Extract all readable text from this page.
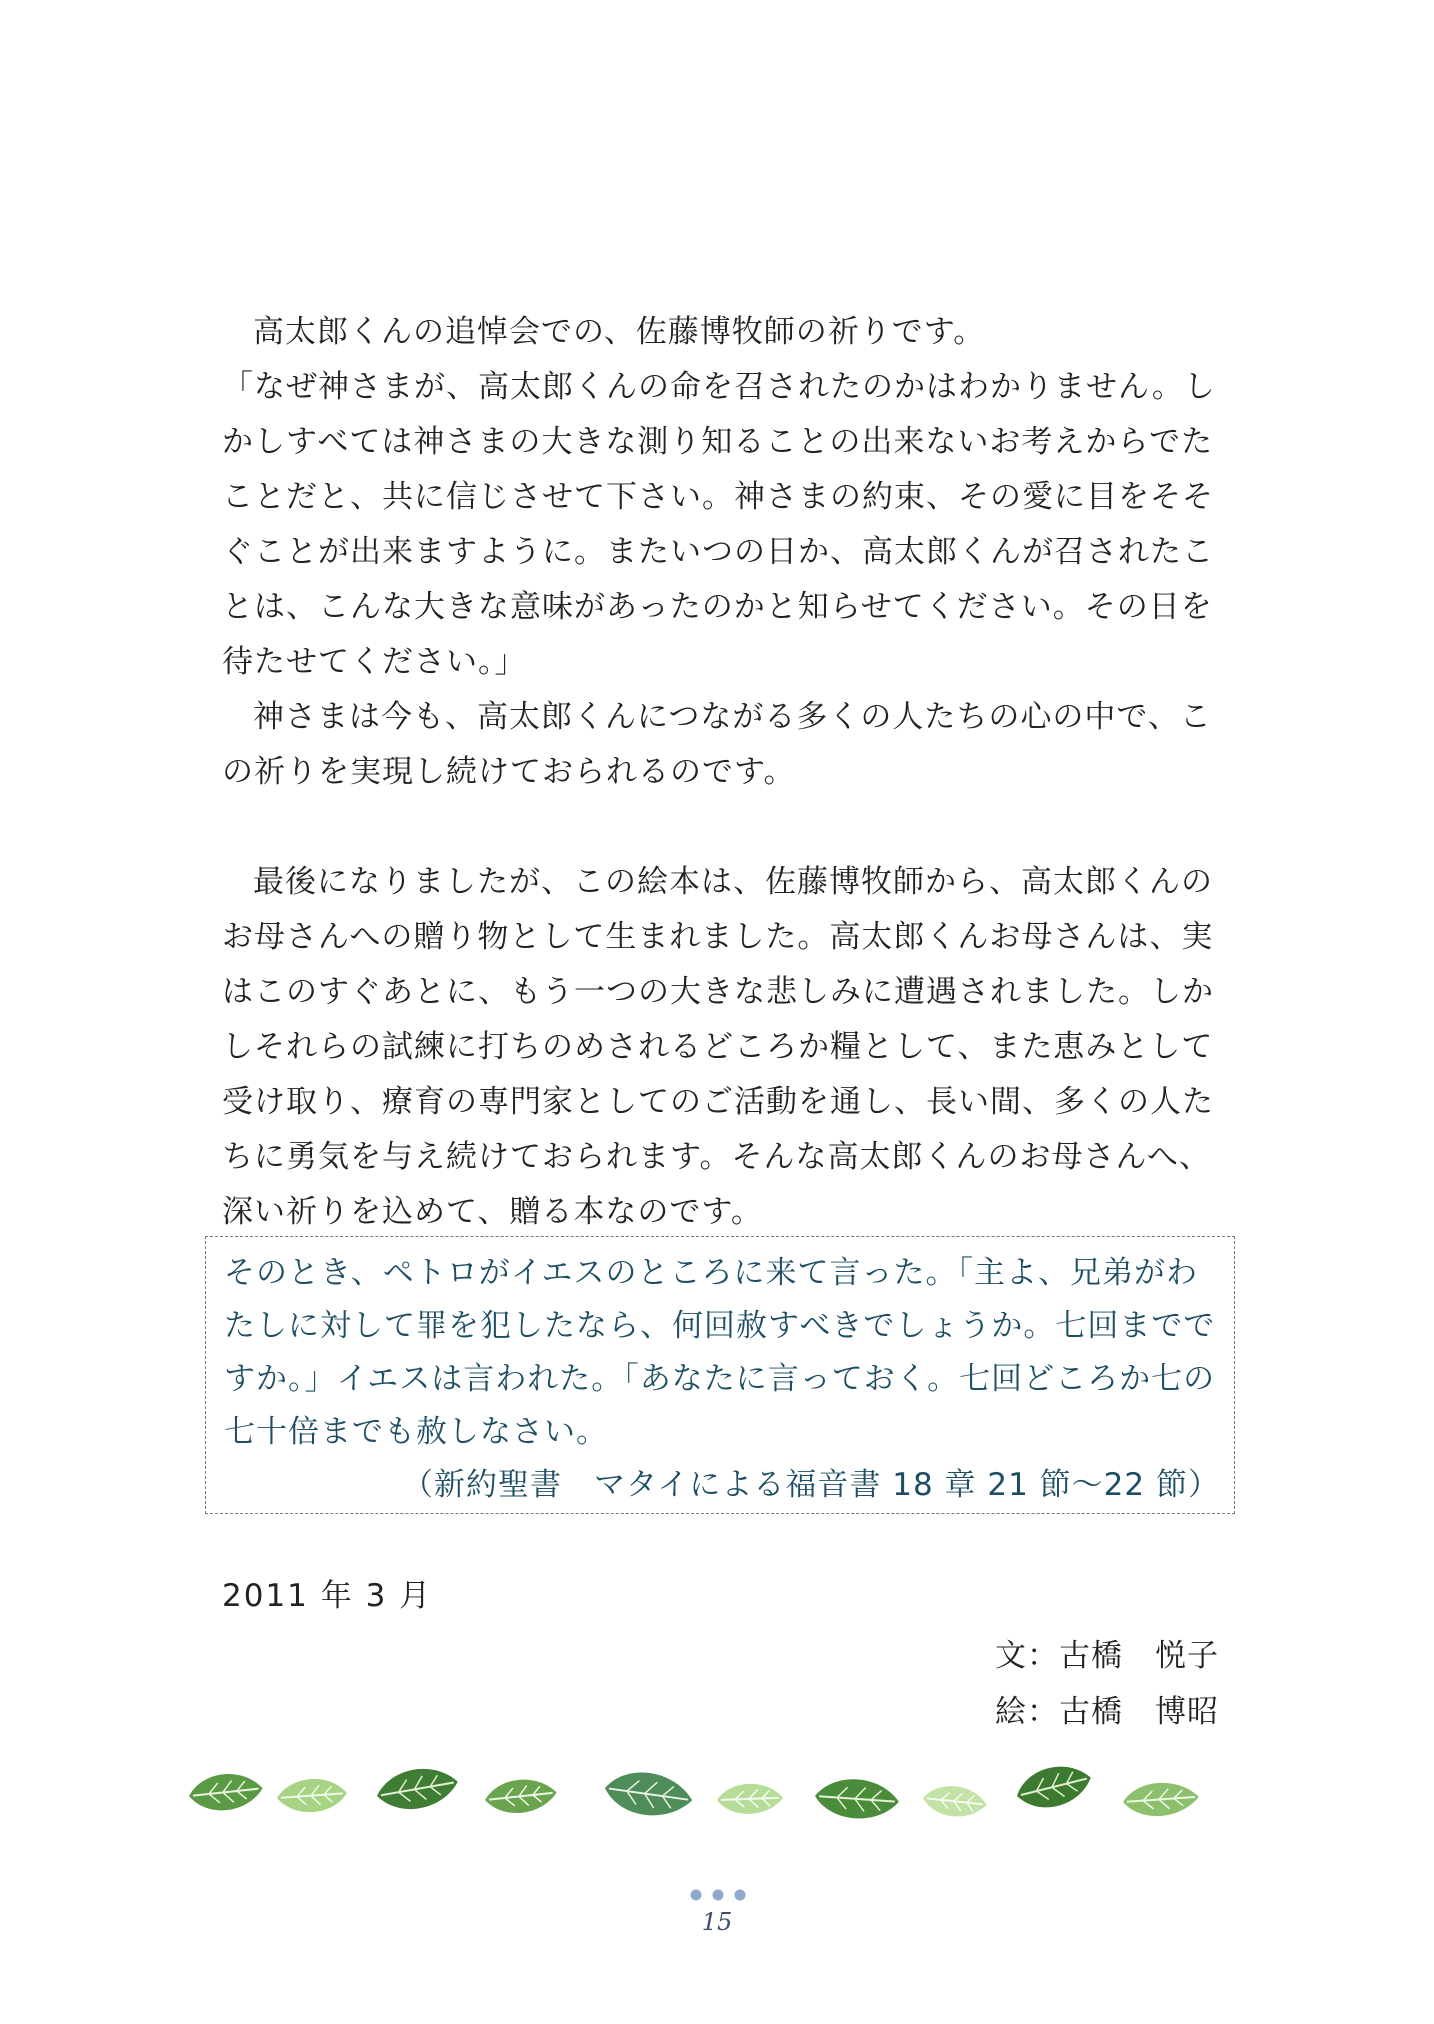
高太郎くんの追悼会での、佐藤博牧師の祈りです。

「なぜ神さまが、高太郎くんの命を召されたのかはわかりません。しかしすべては神さまの大きな測り知ることの出来ないお考えからでたことだと、共に信じさせて下さい。神さまの約束、その愛に目をそそぐことが出来ますように。またいつの日か、高太郎くんが召されたことは、こんな大きな意味があったのかと知らせてください。その日を待たせてください。」

神さまは今も、高太郎くんにつながる多くの人たちの心の中で、この祈りを実現し続けておられるのです。

最後になりましたが、この絵本は、佐藤博牧師から、高太郎くんのお母さんへの贈り物として生まれました。高太郎くんお母さんは、実はこのすぐあとに、もう一つの大きな悲しみに遭遇されました。しかしそれらの試練に打ちのめされるどころか糧として、また恵みとして受け取り、療育の専門家としてのご活動を通し、長い間、多くの人たちに勇気を与え続けておられます。そんな高太郎くんのお母さんへ、深い祈りを込めて、贈る本なのです。

そのとき、ペトロがイエスのところに来て言った。「主よ、兄弟がわたしに対して罪を犯したなら、何回赦すべきでしょうか。七回までですか。」イエスは言われた。「あなたに言っておく。七回どころか七の七十倍までも赦しなさい。

（新約聖書　マタイによる福音書 18 章 21 節～22 節）

2011 年 3 月

文：古橋　悦子

絵：古橋　博昭

15
